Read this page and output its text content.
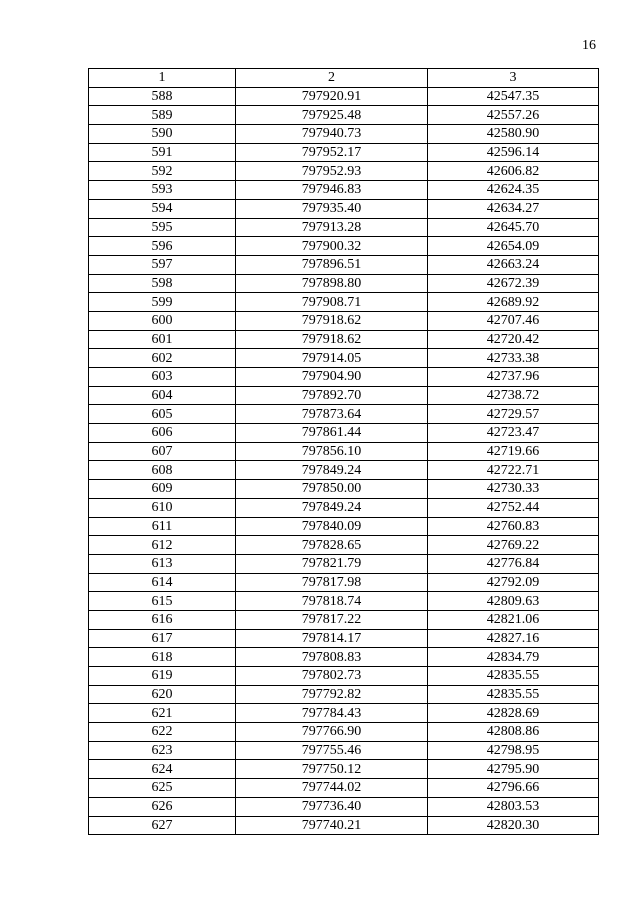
16
1	2	3
588	797920.91	42547.35
589	797925.48	42557.26
590	797940.73	42580.90
591	797952.17	42596.14
592	797952.93	42606.82
593	797946.83	42624.35
594	797935.40	42634.27
595	797913.28	42645.70
596	797900.32	42654.09
597	797896.51	42663.24
598	797898.80	42672.39
599	797908.71	42689.92
600	797918.62	42707.46
601	797918.62	42720.42
602	797914.05	42733.38
603	797904.90	42737.96
604	797892.70	42738.72
605	797873.64	42729.57
606	797861.44	42723.47
607	797856.10	42719.66
608	797849.24	42722.71
609	797850.00	42730.33
610	797849.24	42752.44
611	797840.09	42760.83
612	797828.65	42769.22
613	797821.79	42776.84
614	797817.98	42792.09
615	797818.74	42809.63
616	797817.22	42821.06
617	797814.17	42827.16
618	797808.83	42834.79
619	797802.73	42835.55
620	797792.82	42835.55
621	797784.43	42828.69
622	797766.90	42808.86
623	797755.46	42798.95
624	797750.12	42795.90
625	797744.02	42796.66
626	797736.40	42803.53
627	797740.21	42820.30
